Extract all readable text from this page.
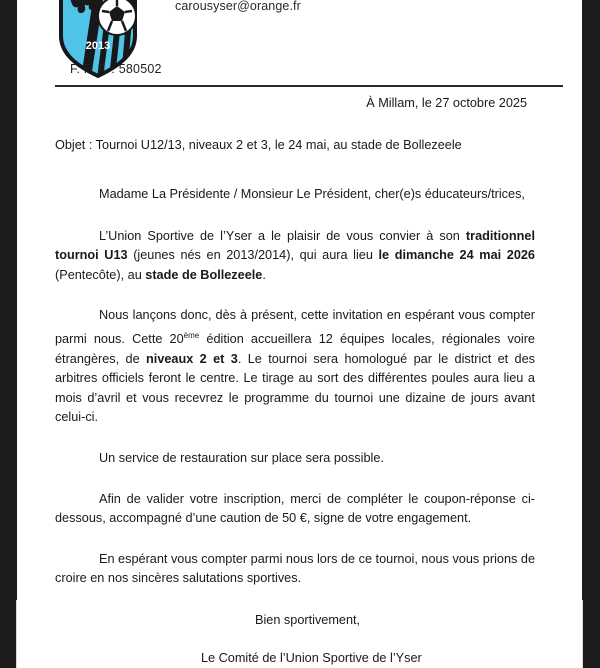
2013
carousyser@orange.fr
F. F. F. : 580502
À Millam, le 27 octobre 2025
Objet : Tournoi U12/13, niveaux 2 et 3, le 24 mai, au stade de Bollezeele
Madame La Présidente / Monsieur Le Président, cher(e)s éducateurs/trices,

L’Union Sportive de l’Yser a le plaisir de vous convier à son traditionnel tournoi U13 (jeunes nés en 2013/2014), qui aura lieu le dimanche 24 mai 2026 (Pentecôte), au stade de Bollezeele.

Nous lançons donc, dès à présent, cette invitation en espérant vous compter parmi nous. Cette 20ème édition accueillera 12 équipes locales, régionales voire étrangères, de niveaux 2 et 3. Le tournoi sera homologué par le district et des arbitres officiels feront le centre. Le tirage au sort des différentes poules aura lieu a mois d’avril et vous recevrez le programme du tournoi une dizaine de jours avant celui-ci.

Un service de restauration sur place sera possible.

Afin de valider votre inscription, merci de compléter le coupon-réponse ci-dessous, accompagné d’une caution de 50 €, signe de votre engagement.

En espérant vous compter parmi nous lors de ce tournoi, nous vous prions de croire en nos sincères salutations sportives.

Bien sportivement,
Le Comité de l’Union Sportive de l’Yser
